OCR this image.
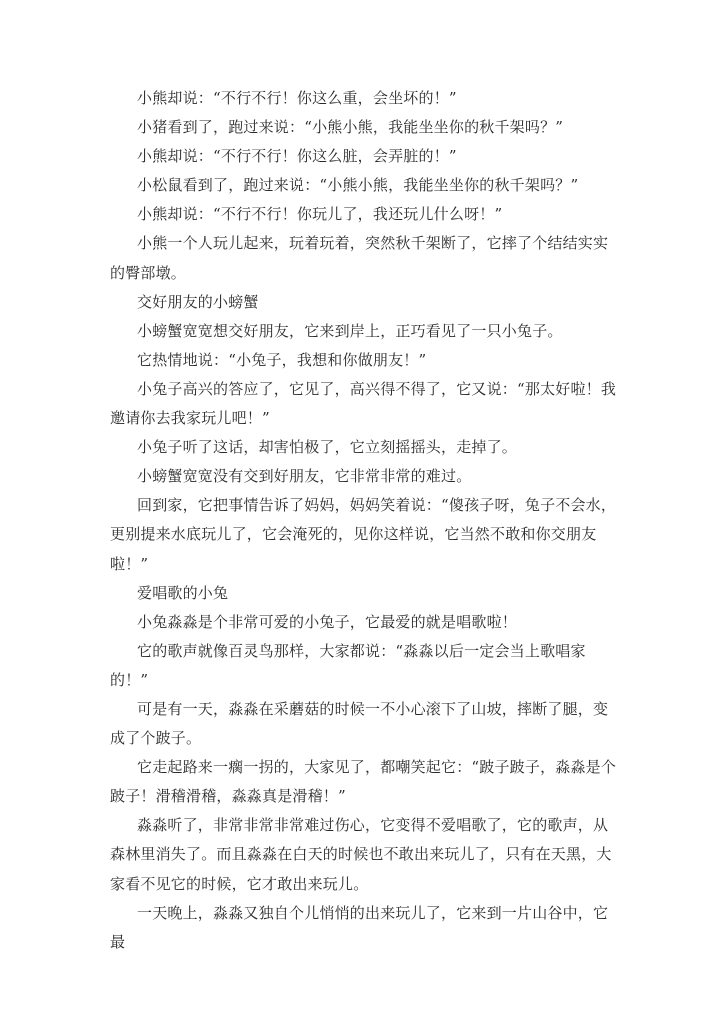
小熊却说：“不行不行！你这么重，会坐坏的！”

小猪看到了，跑过来说：“小熊小熊，我能坐坐你的秋千架吗？”

小熊却说：“不行不行！你这么脏，会弄脏的！”

小松鼠看到了，跑过来说：“小熊小熊，我能坐坐你的秋千架吗？”

小熊却说：“不行不行！你玩儿了，我还玩儿什么呀！”

小熊一个人玩儿起来，玩着玩着，突然秋千架断了，它摔了个结结实实的臀部墩。

交好朋友的小螃蟹

小螃蟹宽宽想交好朋友，它来到岸上，正巧看见了一只小兔子。

它热情地说：“小兔子，我想和你做朋友！”

小兔子高兴的答应了，它见了，高兴得不得了，它又说：“那太好啦！我邀请你去我家玩儿吧！”

小兔子听了这话，却害怕极了，它立刻摇摇头，走掉了。

小螃蟹宽宽没有交到好朋友，它非常非常的难过。

回到家，它把事情告诉了妈妈，妈妈笑着说：“傻孩子呀，兔子不会水，更别提来水底玩儿了，它会淹死的，见你这样说，它当然不敢和你交朋友啦！”

爱唱歌的小兔

小兔淼淼是个非常可爱的小兔子，它最爱的就是唱歌啦！

它的歌声就像百灵鸟那样，大家都说：“淼淼以后一定会当上歌唱家的！”

可是有一天，淼淼在采蘑菇的时候一不小心滚下了山坡，摔断了腿，变成了个跛子。

它走起路来一瘸一拐的，大家见了，都嘲笑起它：“跛子跛子，淼淼是个跛子！滑稽滑稽，淼淼真是滑稽！”

淼淼听了，非常非常非常难过伤心，它变得不爱唱歌了，它的歌声，从森林里消失了。而且淼淼在白天的时候也不敢出来玩儿了，只有在天黑，大家看不见它的时候，它才敢出来玩儿。

一天晚上，淼淼又独自个儿悄悄的出来玩儿了，它来到一片山谷中，它最
